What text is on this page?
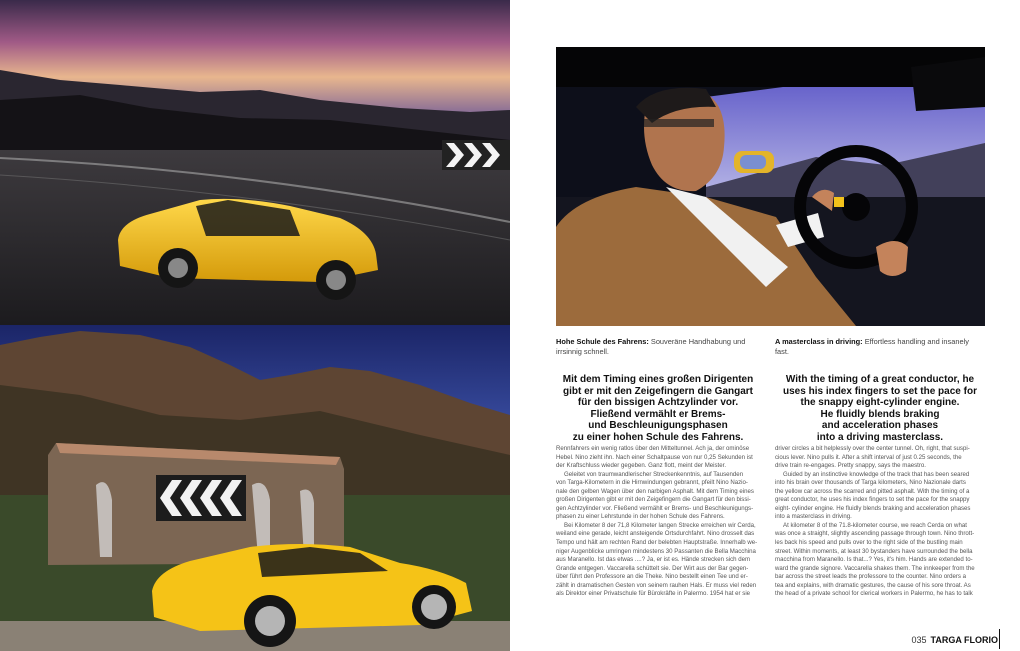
Hohe Schule des Fahrens: Souveräne Handhabung und irrsinnig schnell.
A masterclass in driving: Effortless handling and insanely fast.
Mit dem Timing eines großen Dirigenten
gibt er mit den Zeigefingern die Gangart
für den bissigen Achtzylinder vor.
Fließend vermählt er Brems-
und Beschleunigungsphasen
zu einer hohen Schule des Fahrens.
With the timing of a great conductor, he
uses his index fingers to set the pace for
the snappy eight-cylinder engine.
He fluidly blends braking
and acceleration phases
into a driving masterclass.

Rennfahrers ein wenig ratlos über den Mitteltunnel. Ach ja, der ominöse

Hebel. Nino zieht ihn. Nach einer Schaltpause von nur 0,25 Sekunden ist

der Kraftschluss wieder gegeben. Ganz flott, meint der Meister.

Geleitet von traumwandlerischer Streckenkenntnis, auf Tausenden

von Targa-Kilometern in die Hirnwindungen gebrannt, pfeilt Nino Nazio-

nale den gelben Wagen über den narbigen Asphalt. Mit dem Timing eines

großen Dirigenten gibt er mit den Zeigefingern die Gangart für den bissi-

gen Achtzylinder vor. Fließend vermählt er Brems- und Beschleunigungs-

phasen zu einer Lehrstunde in der hohen Schule des Fahrens.

Bei Kilometer 8 der 71,8 Kilometer langen Strecke erreichen wir Cerda,

weiland eine gerade, leicht ansteigende Ortsdurchfahrt. Nino drosselt das

Tempo und hält am rechten Rand der belebten Hauptstraße. Innerhalb we-

niger Augenblicke umringen mindestens 30 Passanten die Bella Macchina

aus Maranello. Ist das etwas ....? Ja, er ist es. Hände strecken sich dem

Grande entgegen. Vaccarella schüttelt sie. Der Wirt aus der Bar gegen-

über führt den Professore an die Theke. Nino bestellt einen Tee und er-

zählt in dramatischen Gesten von seinem rauhen Hals. Er muss viel reden

als Direktor einer Privatschule für Bürokräfte in Palermo. 1954 hat er sie

driver circles a bit helplessly over the center tunnel. Oh, right, that suspi-

cious lever. Nino pulls it. After a shift interval of just 0.25 seconds, the

drive train re-engages. Pretty snappy, says the maestro.

Guided by an instinctive knowledge of the track that has been seared

into his brain over thousands of Targa kilometers, Nino Nazionale darts

the yellow car across the scarred and pitted asphalt. With the timing of a

great conductor, he uses his index fingers to set the pace for the snappy

eight- cylinder engine. He fluidly blends braking and acceleration phases

into a masterclass in driving.

At kilometer 8 of the 71.8-kilometer course, we reach Cerda on what

was once a straight, slightly ascending passage through town. Nino thrott-

les back his speed and pulls over to the right side of the bustling main

street. Within moments, at least 30 bystanders have surrounded the bella

macchina from Maranello. Is that...? Yes, it's him. Hands are extended to-

ward the grande signore. Vaccarella shakes them. The innkeeper from the

bar across the street leads the professore to the counter. Nino orders a

tea and explains, with dramatic gestures, the cause of his sore throat. As

the head of a private school for clerical workers in Palermo, he has to talk

035 TARGA FLORIO
